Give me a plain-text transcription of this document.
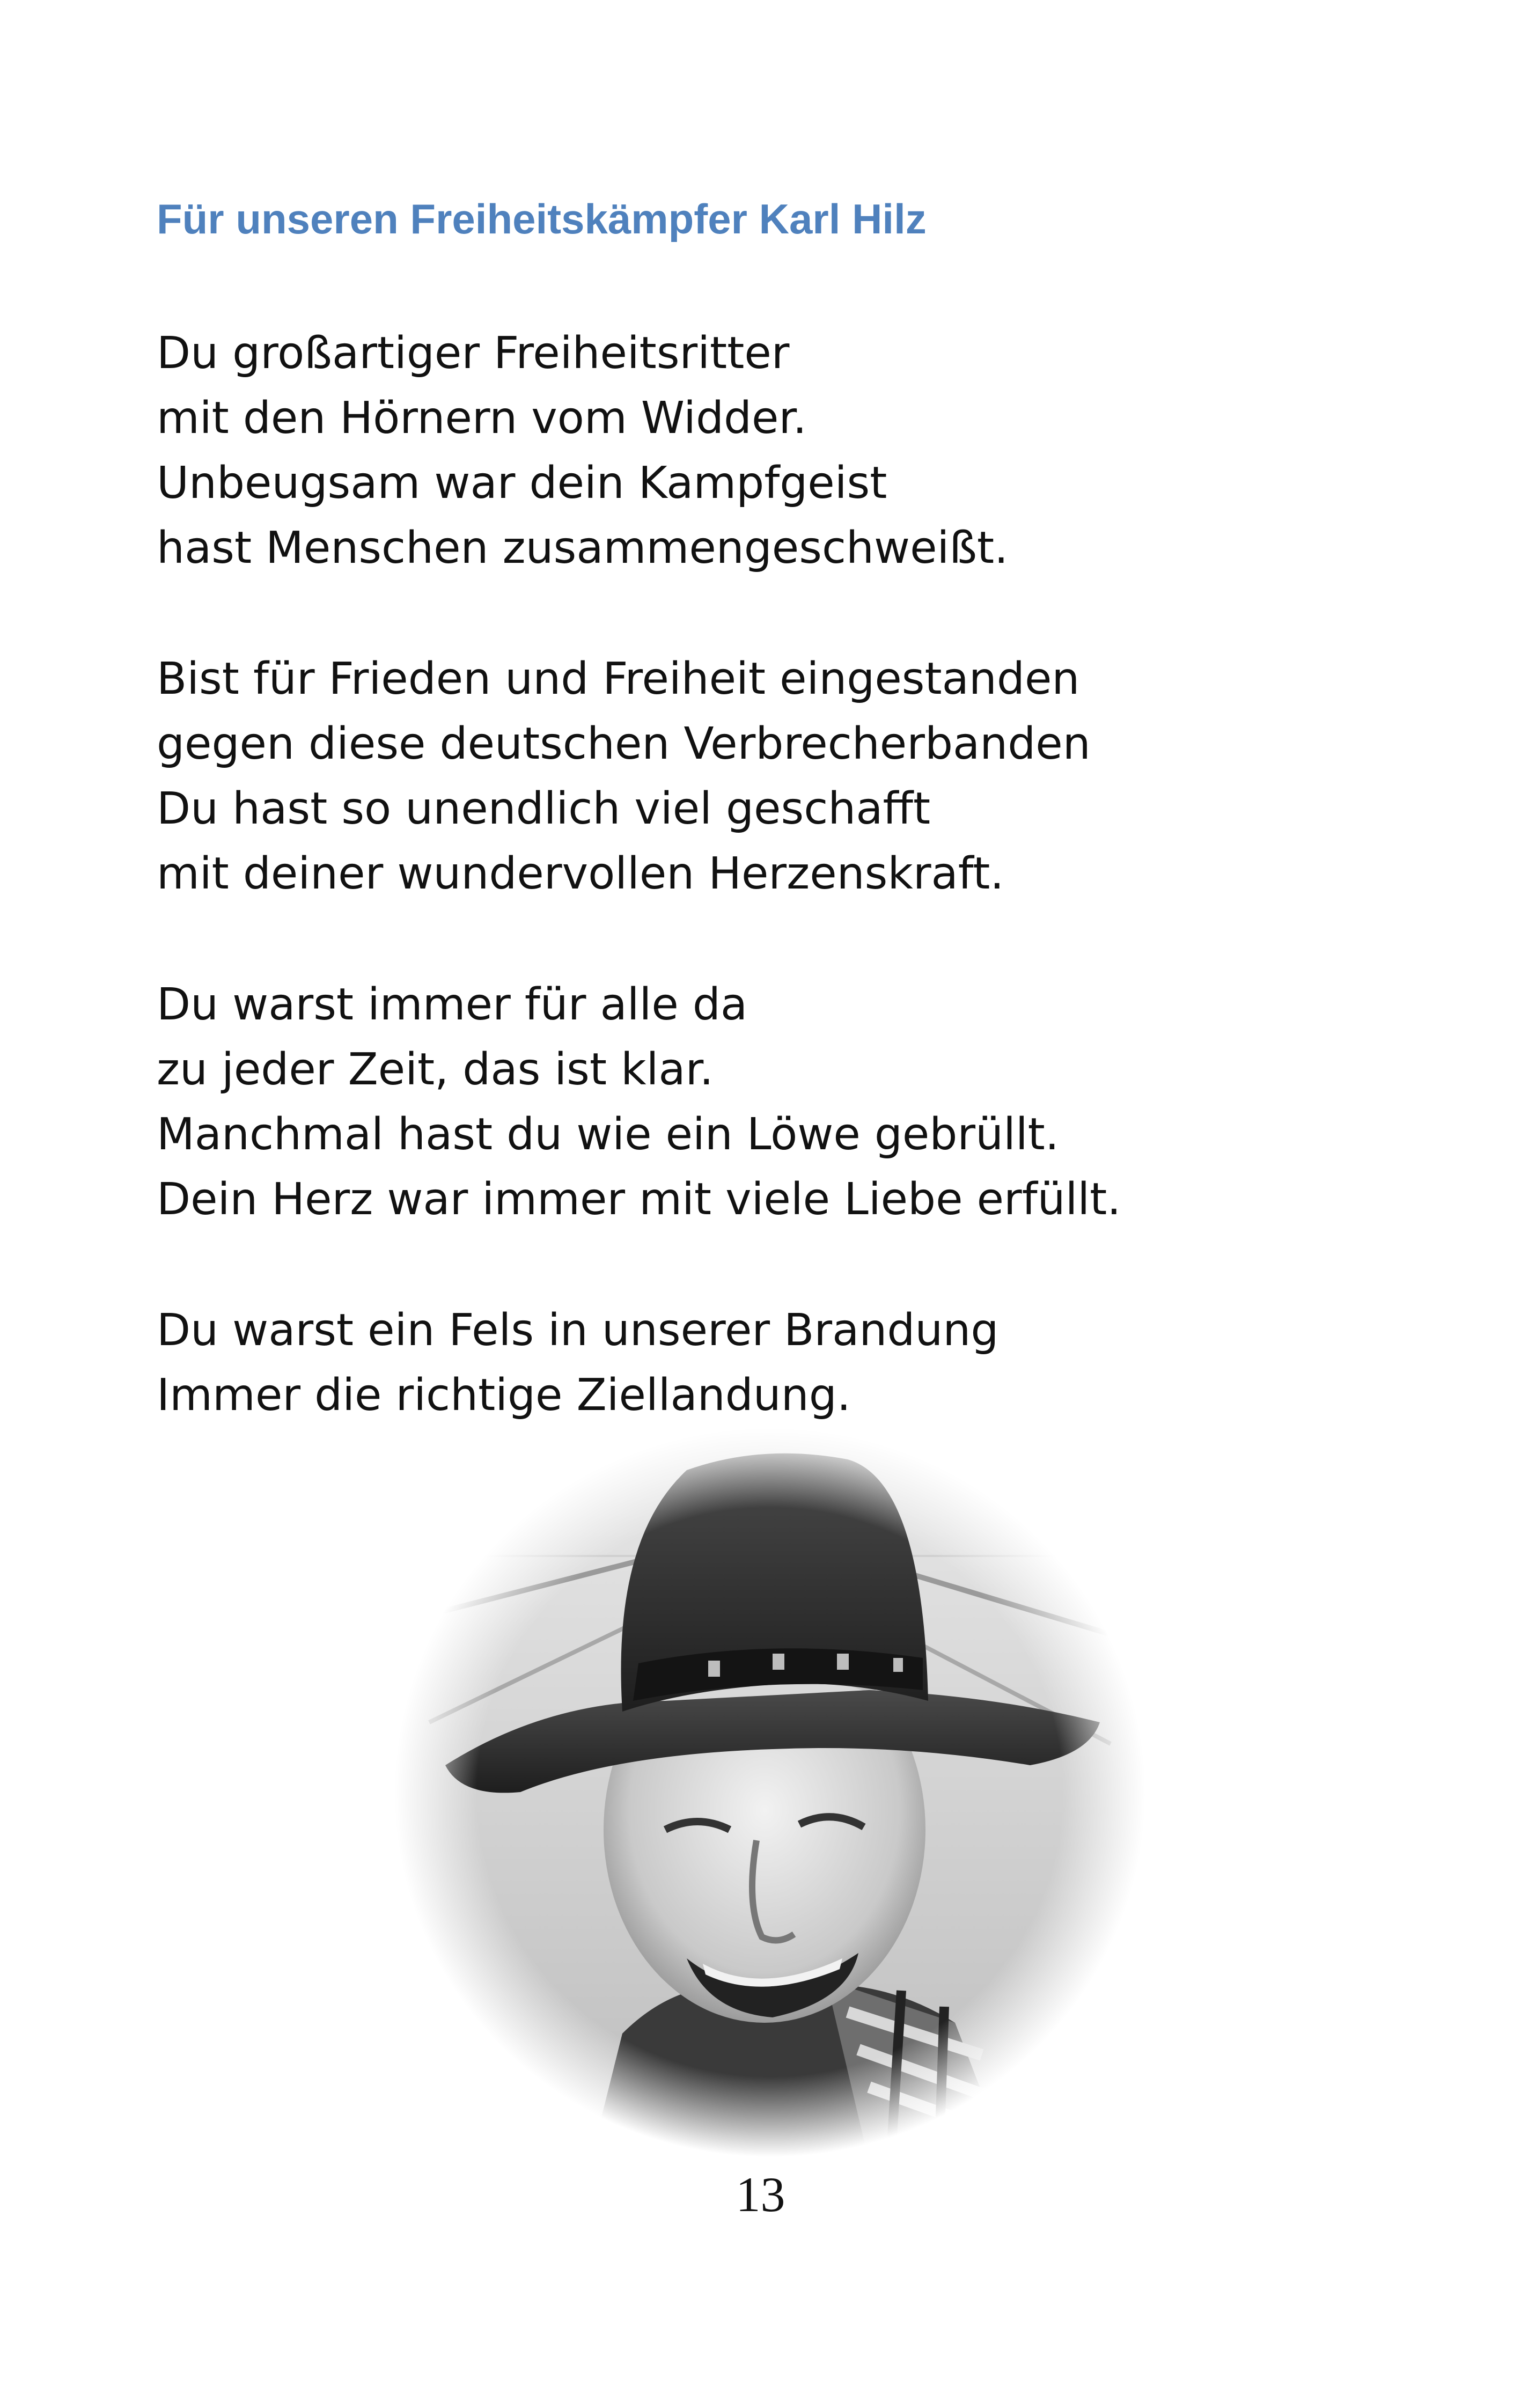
Für unseren Freiheitskämpfer Karl Hilz
Du großartiger Freiheitsritter
mit den Hörnern vom Widder.
Unbeugsam war dein Kampfgeist
hast Menschen zusammengeschweißt.
Bist für Frieden und Freiheit eingestanden
gegen diese deutschen Verbrecherbanden
Du hast so unendlich viel geschafft
mit deiner wundervollen Herzenskraft.
Du warst immer für alle da
zu jeder Zeit, das ist klar.
Manchmal hast du wie ein Löwe gebrüllt.
Dein Herz war immer mit viele Liebe erfüllt.
Du warst ein Fels in unserer Brandung
Immer die richtige Ziellandung.
13
